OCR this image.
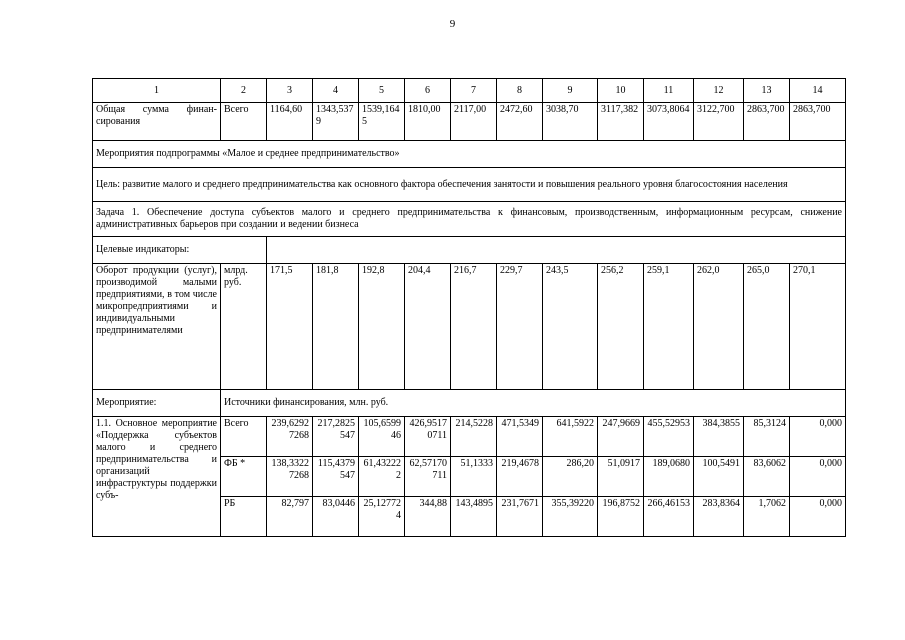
9
1	2	3	4	5	6	7	8	9	10	11	12	13	14
Общая сумма финан-сирования	Всего	1164,60	1343,5379	1539,1645	1810,00	2117,00	2472,60	3038,70	3117,382	3073,8064	3122,700	2863,700	2863,700
Мероприятия подпрограммы «Малое и среднее предпринимательство»													
Цель: развитие малого и среднего предпринимательства как основного фактора обеспечения занятости и повышения реального уровня благосостояния населения													
Задача 1. Обеспечение доступа субъектов малого и среднего предпринимательства к финансовым, производственным, информационным ресурсам, снижение административных барьеров при создании и ведении бизнеса													
Целевые индикаторы:													
Оборот продукции (услуг), производимой малыми предприятиями, в том числе микропредприятиями и индивидуальными предпринимателями	млрд. руб.	171,5	181,8	192,8	204,4	216,7	229,7	243,5	256,2	259,1	262,0	265,0	270,1
Мероприятие:	Источники финансирования, млн. руб.												
1.1. Основное мероприятие «Поддержка субъектов малого и среднего предпринимательства и организаций инфраструктуры поддержки субъ-	Всего	239,62927268	217,2825547	105,659946	426,95170711	214,5228	471,5349	641,5922	247,9669	455,52953	384,3855	85,3124	0,000
	ФБ *	138,33227268	115,4379547	61,432222	62,57170711	51,1333	219,4678	286,20	51,0917	189,0680	100,5491	83,6062	0,000
	РБ	82,797	83,0446	25,127724	344,88	143,4895	231,7671	355,39220	196,8752	266,46153	283,8364	1,7062	0,000
